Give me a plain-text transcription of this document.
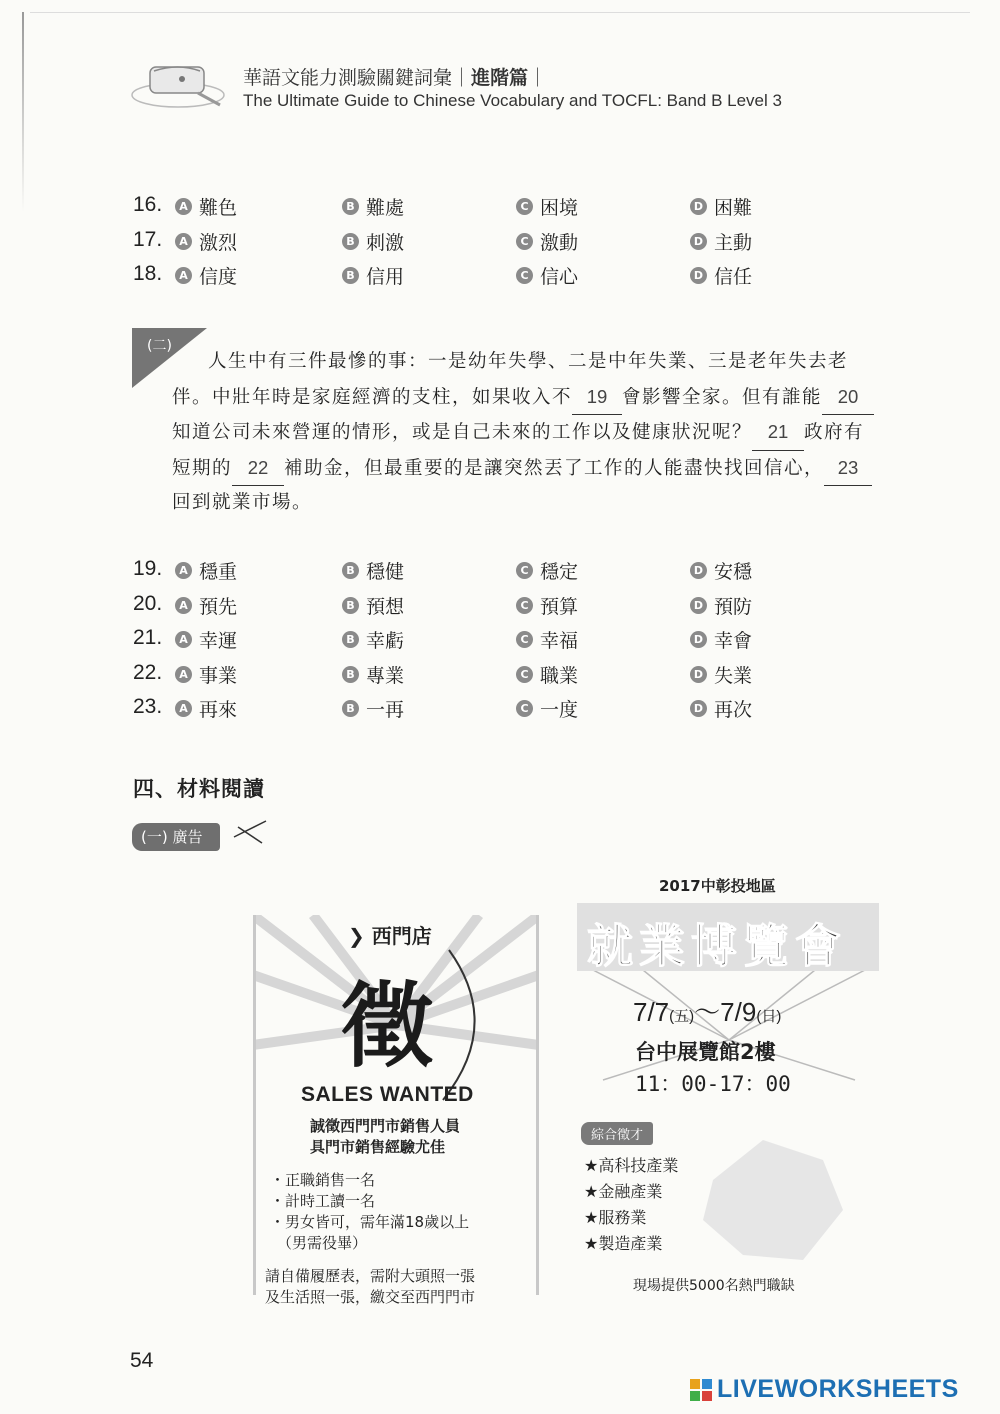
華語文能力測驗關鍵詞彙｜進階篇｜
The Ultimate Guide to Chinese Vocabulary and TOCFL: Band B Level 3
16.	A 難色	B 難處	C 困境	D 困難
17.	A 激烈	B 刺激	C 激動	D 主動
18.	A 信度	B 信用	C 信心	D 信任
(二)
人生中有三件最慘的事：一是幼年失學、二是中年失業、三是老年失去老
伴。中壯年時是家庭經濟的支柱，如果收入不 19 會影響全家。但有誰能 20
知道公司未來營運的情形，或是自己未來的工作以及健康狀況呢？ 21 政府有
短期的 22 補助金，但最重要的是讓突然丟了工作的人能盡快找回信心， 23
回到就業市場。
19.	A 穩重	B 穩健	C 穩定	D 安穩
20.	A 預先	B 預想	C 預算	D 預防
21.	A 幸運	B 幸虧	C 幸福	D 幸會
22.	A 事業	B 專業	C 職業	D 失業
23.	A 再來	B 一再	C 一度	D 再次
四、材料閱讀
(一) 廣告
❯ 西門店
徵
SALES WANTED
誠徵西門門市銷售人員
具門市銷售經驗尤佳
・正職銷售一名
・計時工讀一名
・男女皆可，需年滿18歲以上
（男需役畢）
請自備履歷表，需附大頭照一張
及生活照一張，繳交至西門門市
2017中彰投地區
就業博覽會
7/7(五)～7/9(日)
台中展覽館2樓
11：00-17：00
綜合徵才
★高科技產業
★金融產業
★服務業
★製造產業
現場提供5000名熱門職缺
54
LIVEWORKSHEETS
